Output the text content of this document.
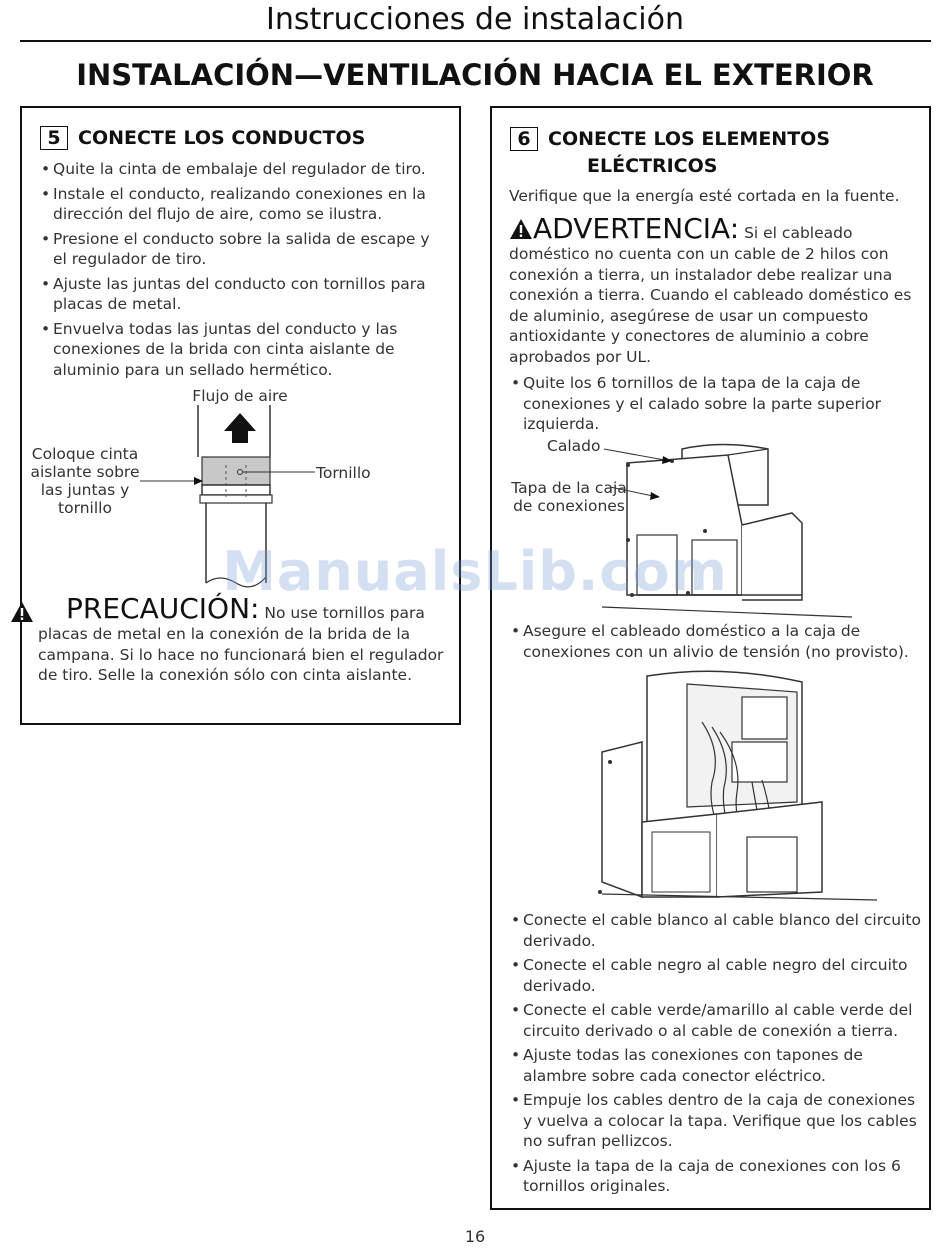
Instrucciones de instalación
INSTALACIÓN—VENTILACIÓN HACIA EL EXTERIOR
5 CONECTE LOS CONDUCTOS
• Quite la cinta de embalaje del regulador de tiro.
• Instale el conducto, realizando conexiones en la dirección del flujo de aire, como se ilustra.
• Presione el conducto sobre la salida de escape y el regulador de tiro.
• Ajuste las juntas del conducto con tornillos para placas de metal.
• Envuelva todas las juntas del conducto y las conexiones de la brida con cinta aislante de aluminio para un sellado hermético.
Flujo de aire
Coloque cinta aislante sobre las juntas y tornillo
Tornillo
PRECAUCIÓN: No use tornillos para placas de metal en la conexión de la brida de la campana. Si lo hace no funcionará bien el regulador de tiro. Selle la conexión sólo con cinta aislante.
6 CONECTE LOS ELEMENTOS
ELÉCTRICOS
Verifique que la energía esté cortada en la fuente.
ADVERTENCIA: Si el cableado doméstico no cuenta con un cable de 2 hilos con conexión a tierra, un instalador debe realizar una conexión a tierra. Cuando el cableado doméstico es de aluminio, asegúrese de usar un compuesto antioxidante y conectores de aluminio a cobre aprobados por UL.
• Quite los 6 tornillos de la tapa de la caja de conexiones y el calado sobre la parte superior izquierda.
Calado
Tapa de la caja de conexiones
• Asegure el cableado doméstico a la caja de conexiones con un alivio de tensión (no provisto).
• Conecte el cable blanco al cable blanco del circuito derivado.
• Conecte el cable negro al cable negro del circuito derivado.
• Conecte el cable verde/amarillo al cable verde del circuito derivado o al cable de conexión a tierra.
• Ajuste todas las conexiones con tapones de alambre sobre cada conector eléctrico.
• Empuje los cables dentro de la caja de conexiones y vuelva a colocar la tapa. Verifique que los cables no sufran pellizcos.
• Ajuste la tapa de la caja de conexiones con los 6 tornillos originales.
ManualsLib.com
16
